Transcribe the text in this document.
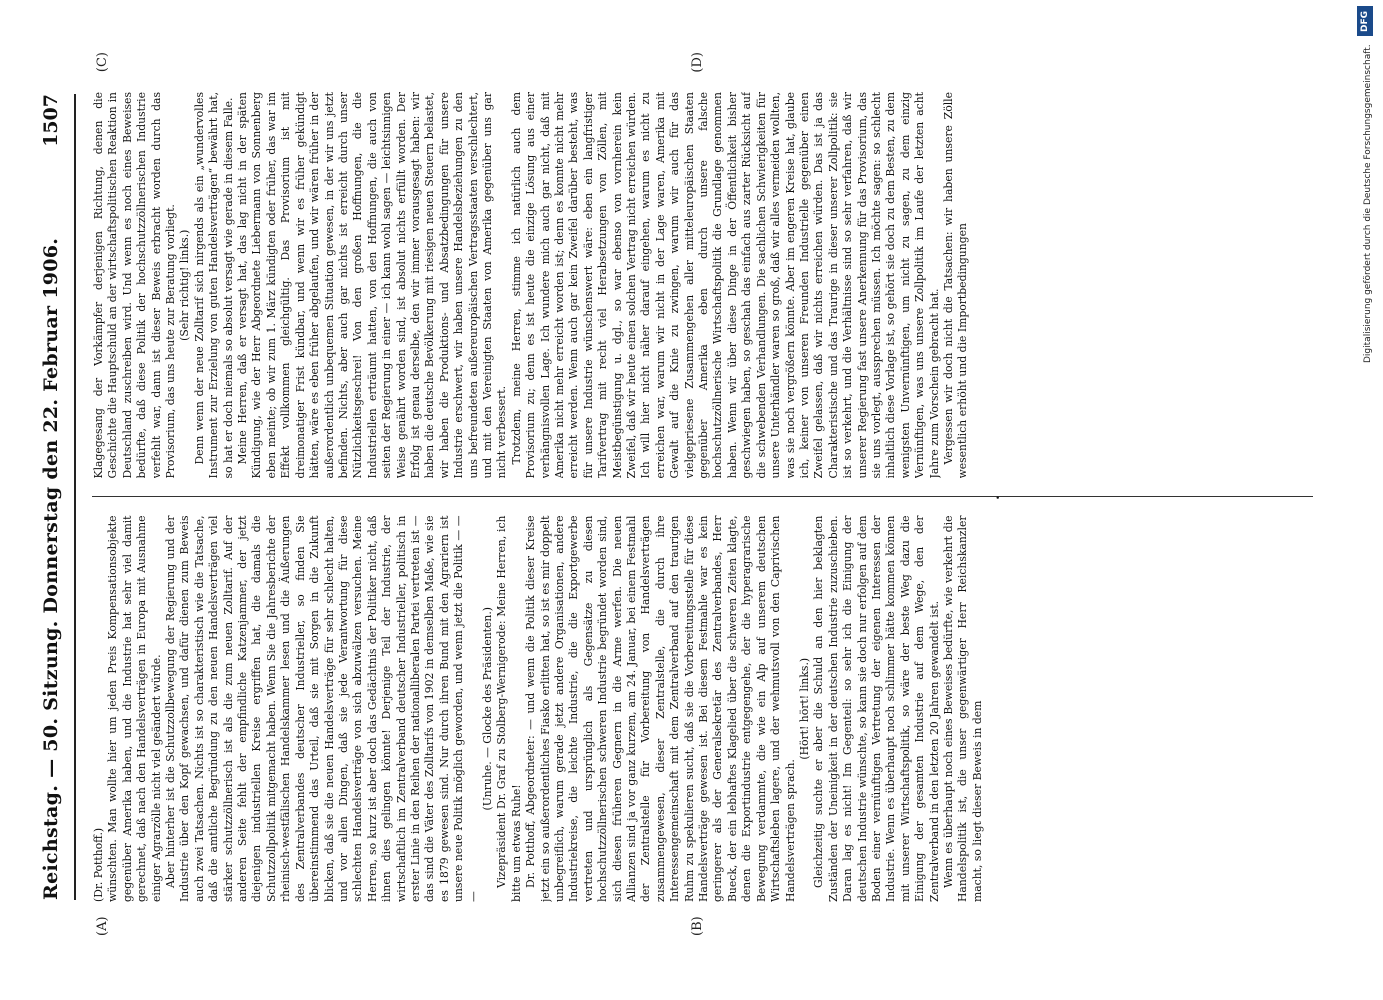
Reichstag. — 50. Sitzung. Donnerstag den 22. Februar 1906.
1507
(A)	(B)
(C)	(D)

(Dr. Potthoff.) wünschten. Man wollte hier um jeden Preis Kompensationsobjekte gegenüber Amerika haben, und die Industrie hat sehr viel damit gerechnet, daß nach den Handelsverträgen in Europa mit Ausnahme einiger Agrarzölle nicht viel geändert würde. Aber hinterher ist die Schutzzollbewegung der Regierung und der Industrie über den Kopf gewachsen, und dafür dienen zum Beweis auch zwei Tatsachen. Nichts ist so charakteristisch wie die Tatsache, daß die amtliche Begründung zu den neuen Handelsverträgen viel stärker schutzzöllnerisch ist als die zum neuen Zolltarif. Auf der anderen Seite fehlt der empfindliche Katzenjammer, der jetzt diejenigen industriellen Kreise ergriffen hat, die damals die Schutzzollpolitik mitgemacht haben. Wenn Sie die Jahresberichte der rheinisch-westfälischen Handelskammer lesen und die Äußerungen des Zentralverbandes deutscher Industrieller, so finden Sie übereinstimmend das Urteil, daß sie mit Sorgen in die Zukunft blicken, daß sie die neuen Handelsverträge für sehr schlecht halten, und vor allen Dingen, daß sie jede Verantwortung für diese schlechten Handelsverträge von sich abzuwälzen versuchen. Meine Herren, so kurz ist aber doch das Gedächtnis der Politiker nicht, daß ihnen dies gelingen könnte! Derjenige Teil der Industrie, der wirtschaftlich im Zentralverband deutscher Industrieller, politisch in erster Linie in den Reihen der nationalliberalen Partei vertreten ist — das sind die Väter des Zolltarifs von 1902 in demselben Maße, wie sie es 1879 gewesen sind. Nur durch ihren Bund mit den Agrariern ist unsere neue Politik möglich geworden, und wenn jetzt die Politik — — —

(Unruhe. — Glocke des Präsidenten.) Vizepräsident Dr. Graf zu Stolberg-Wernigerode: Meine Herren, ich bitte um etwas Ruhe! Dr. Potthoff, Abgeordneter: — und wenn die Politik dieser Kreise jetzt ein so außerordentliches Fiasko erlitten hat, so ist es mir doppelt unbegreiflich, warum gerade jetzt andere Organisationen, andere Industriekreise, die leichte Industrie, die die Exportgewerbe vertreten und ursprünglich als Gegensätze zu diesen hochschutzzöllnerischen schweren Industrie begründet worden sind, sich diesen früheren Gegnern in die Arme werfen. Die neuen Allianzen sind ja vor ganz kurzem, am 24. Januar, bei einem Festmahl der Zentralstelle für Vorbereitung von Handelsverträgen zusammengewesen, dieser Zentralstelle, die durch ihre Interessengemeinschaft mit dem Zentralverband auf den traurigen Ruhm zu spekulieren sucht, daß sie die Vorbereitungsstelle für diese Handelsverträge gewesen ist. Bei diesem Festmahle war es kein geringerer als der Generalsekretär des Zentralverbandes, Herr Bueck, der ein lebhaftes Klagelied über die schweren Zeiten klagte, denen die Exportindustrie entgegengehe, der die hyperagrarische Bewegung verdammte, die wie ein Alp auf unserem deutschen Wirtschaftsleben lagere, und der wehmutsvoll von den Caprivischen Handelsverträgen sprach.

(Hört! hört! links.) Gleichzeitig suchte er aber die Schuld an den hier beklagten Zuständen der Uneinigkeit in der deutschen Industrie zuzuschieben. Daran lag es nicht! Im Gegenteil: so sehr ich die Einigung der deutschen Industrie wünschte, so kann sie doch nur erfolgen auf dem Boden einer vernünftigen Vertretung der eigenen Interessen der Industrie. Wenn es überhaupt noch schlimmer hätte kommen können mit unserer Wirtschaftspolitik, so wäre der beste Weg dazu die Einigung der gesamten Industrie auf dem Wege, den der Zentralverband in den letzten 20 Jahren gewandelt ist. Wenn es überhaupt noch eines Beweises bedürfte, wie verkehrt die Handelspolitik ist, die unser gegenwärtiger Herr Reichskanzler macht, so liegt dieser Beweis in dem

Klagegesang der Vorkämpfer derjenigen Richtung, denen die Geschichte die Hauptschuld an der wirtschaftspolitischen Reaktion in Deutschland zuschreiben wird. Und wenn es noch eines Beweises bedürfte, daß diese Politik der hochschutzzöllnerischen Industrie verfehlt war, dann ist dieser Beweis erbracht worden durch das Provisorium, das uns heute zur Beratung vorliegt. (Sehr richtig! links.) Denn wenn der neue Zolltarif sich nirgends als ein „wundervolles Instrument zur Erzielung von guten Handelsverträgen“ bewährt hat, so hat er doch niemals so absolut versagt wie gerade in diesem Falle. Meine Herren, daß er versagt hat, das lag nicht in der späten Kündigung, wie der Herr Abgeordnete Liebermann von Sonnenberg eben meinte; ob wir zum 1. März kündigten oder früher, das war im Effekt vollkommen gleichgültig. Das Provisorium ist mit dreimonatiger Frist kündbar, und wenn wir es früher gekündigt hätten, wäre es eben früher abgelaufen, und wir wären früher in der außerordentlich unbequemen Situation gewesen, in der wir uns jetzt befinden. Nichts, aber auch gar nichts ist erreicht durch unser Nützlichkeitsgeschrei! Von den großen Hoffnungen, die die Industriellen erträumt hatten, von den Hoffnungen, die auch von seiten der Regierung in einer — ich kann wohl sagen — leichtsinnigen Weise genährt worden sind, ist absolut nichts erfüllt worden. Der Erfolg ist genau derselbe, den wir immer vorausgesagt haben: wir haben die deutsche Bevölkerung mit riesigen neuen Steuern belastet, wir haben die Produktions- und Absatzbedingungen für unsere Industrie erschwert, wir haben unsere Handelsbeziehungen zu den uns befreundeten außereuropäischen Vertragsstaaten verschlechtert, und mit den Vereinigten Staaten von Amerika gegenüber uns gar nicht verbessert. Trotzdem, meine Herren, stimme ich natürlich auch dem Provisorium zu; denn es ist heute die einzige Lösung aus einer verhängnisvollen Lage. Ich wundere mich auch gar nicht, daß mit Amerika nicht mehr erreicht worden ist; denn es konnte nicht mehr erreicht werden. Wenn auch gar kein Zweifel darüber besteht, was für unsere Industrie wünschenswert wäre: eben ein langfristiger Tarifvertrag mit recht viel Herabsetzungen von Zöllen, mit Meistbegünstigung u. dgl., so war ebenso von vornherein kein Zweifel, daß wir heute einen solchen Vertrag nicht erreichen würden. Ich will hier nicht näher darauf eingehen, warum es nicht zu erreichen war, warum wir nicht in der Lage waren, Amerika mit Gewalt auf die Knie zu zwingen, warum wir auch für das vielgepriesene Zusammengehen aller mitteleuropäischen Staaten gegenüber Amerika eben durch unsere falsche hochschutzzöllnerische Wirtschaftspolitik die Grundlage genommen haben. Wenn wir über diese Dinge in der Öffentlichkeit bisher geschwiegen haben, so geschah das einfach aus zarter Rücksicht auf die schwebenden Verhandlungen. Die sachlichen Schwierigkeiten für unsere Unterhändler waren so groß, daß wir alles vermeiden wollten, was sie noch vergrößern könnte. Aber im engeren Kreise hat, glaube ich, keiner von unseren Freunden Industrielle gegenüber einen Zweifel gelassen, daß wir nichts erreichen würden. Das ist ja das Charakteristische und das Traurige in dieser unserer Zollpolitik: sie ist so verkehrt, und die Verhältnisse sind so sehr verfahren, daß wir unserer Regierung fast unsere Anerkennung für das Provisorium, das sie uns vorlegt, aussprechen müssen. Ich möchte sagen: so schlecht inhaltlich diese Vorlage ist, so gehört sie doch zu dem Besten, zu dem wenigsten Unvernünftigen, um nicht zu sagen, zu dem einzig Vernünftigen, was uns unsere Zollpolitik im Laufe der letzten acht Jahre zum Vorschein gebracht hat. Vergessen wir doch nicht die Tatsachen: wir haben unsere Zölle wesentlich erhöht und die Importbedingungen

•
DFG
Digitalisierung gefördert durch die Deutsche Forschungsgemeinschaft.
